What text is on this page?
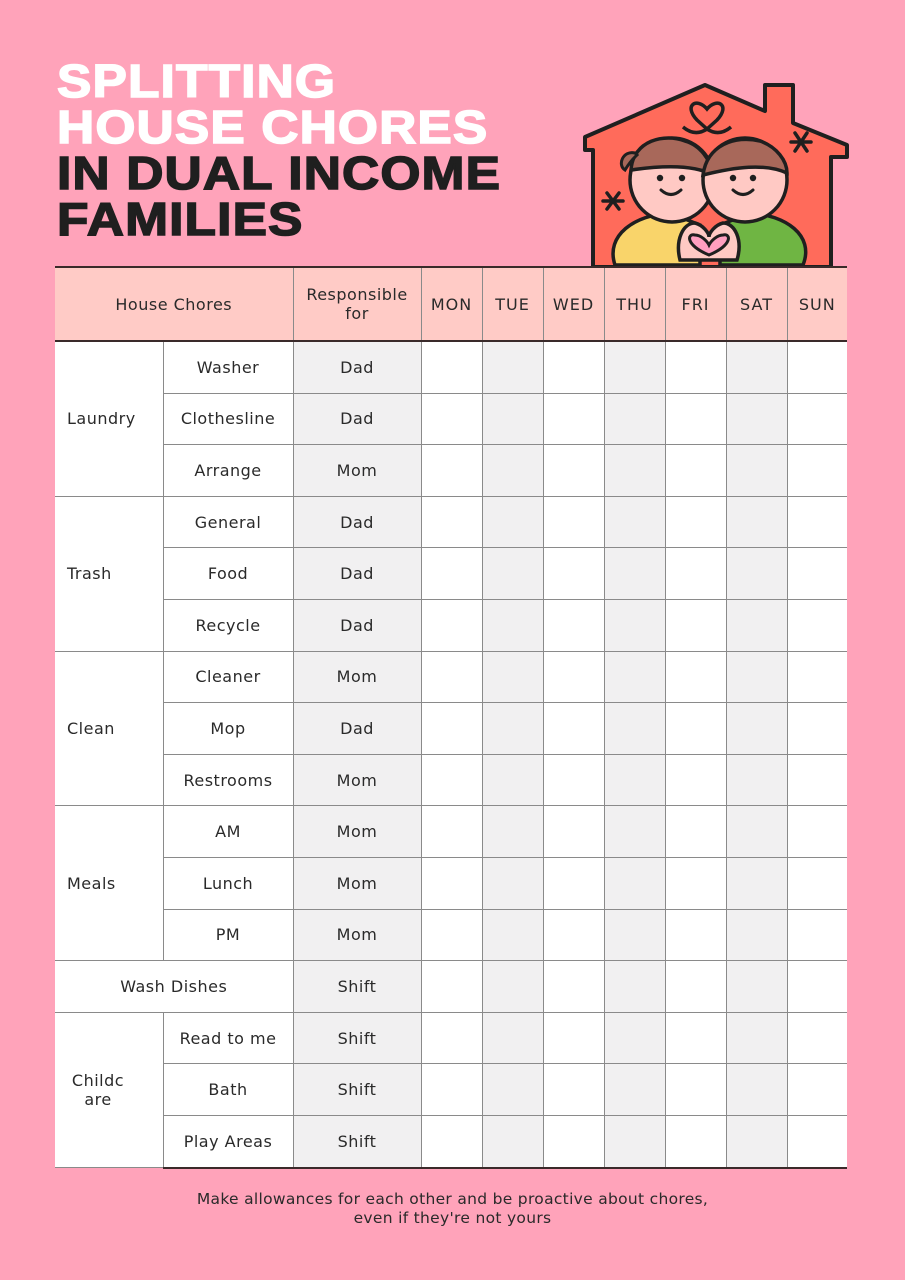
SPLITTING
HOUSE CHORES
IN DUAL INCOME
FAMILIES
House Chores		Responsible for	MON	TUE	WED	THU	FRI	SAT	SUN
Laundry	Washer	Dad							
	Clothesline	Dad							
	Arrange	Mom							
Trash	General	Dad							
	Food	Dad							
	Recycle	Dad							
Clean	Cleaner	Mom							
	Mop	Dad							
	Restrooms	Mom							
Meals	AM	Mom							
	Lunch	Mom							
	PM	Mom							
Wash Dishes		Shift							
Childc are	Read to me	Shift							
	Bath	Shift							
	Play Areas	Shift							
Make allowances for each other and be proactive about chores,
even if they're not yours
